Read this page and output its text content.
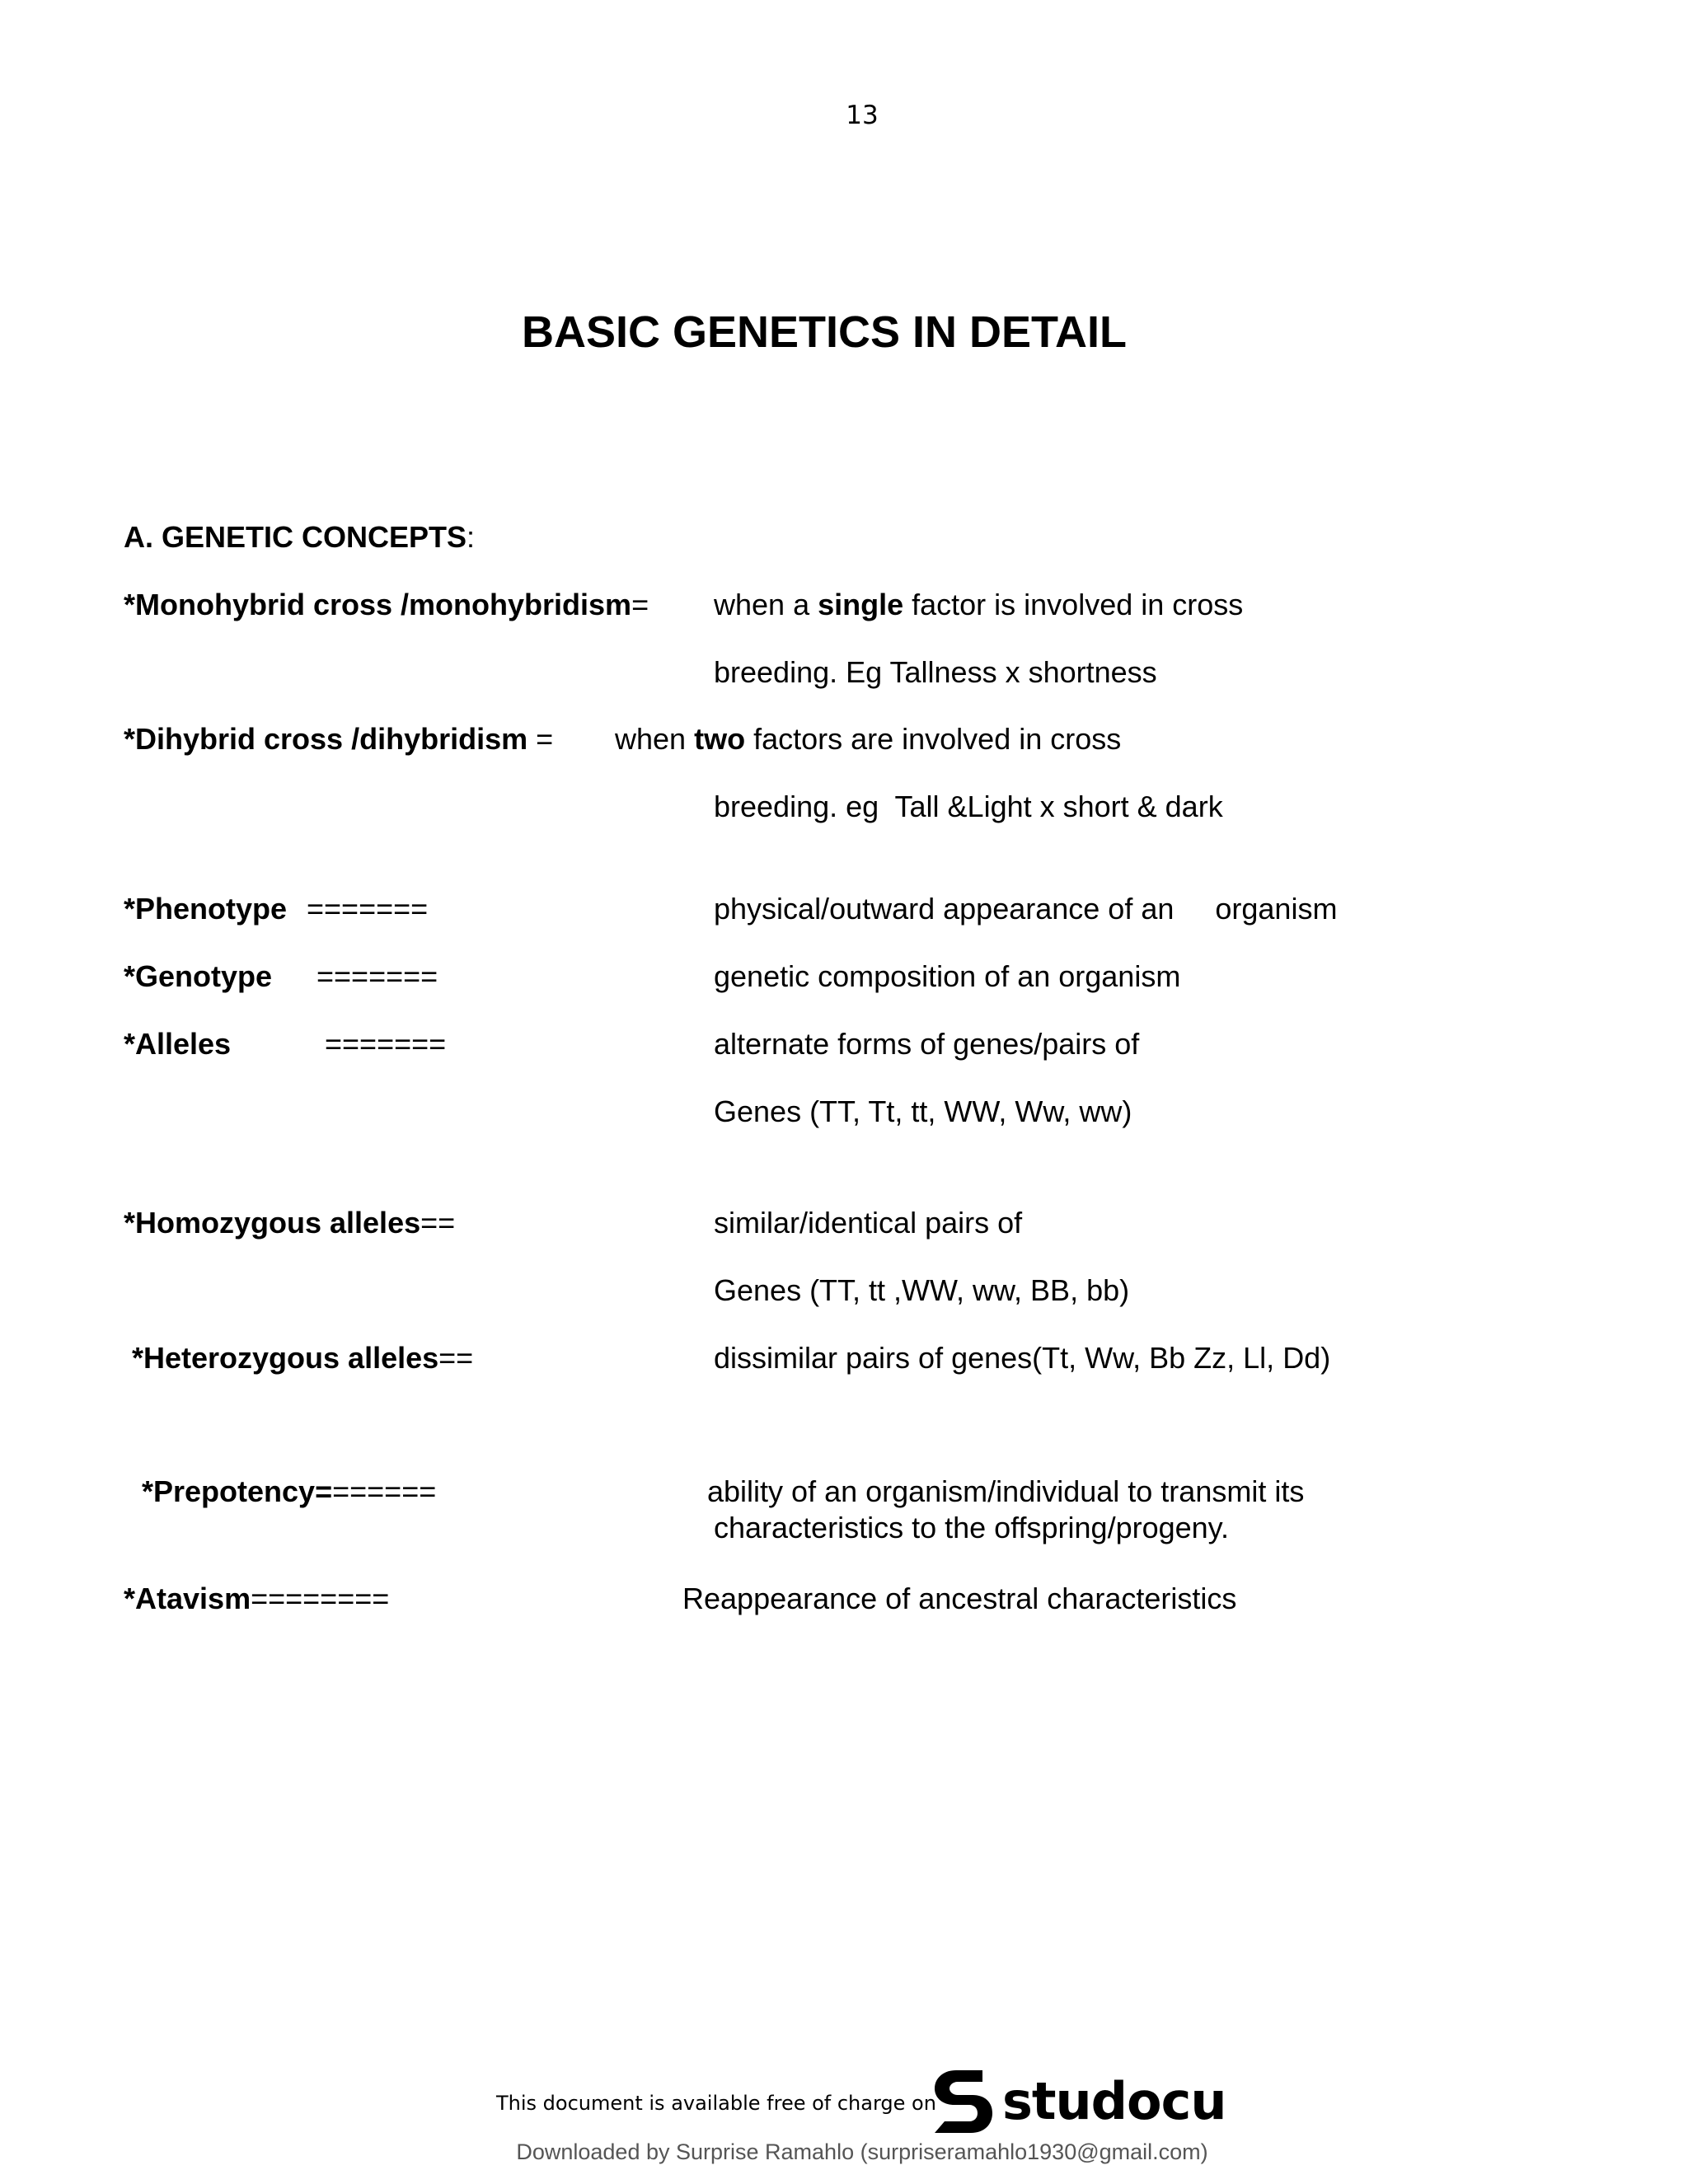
13
BASIC GENETICS IN DETAIL
A. GENETIC CONCEPTS:
*Monohybrid cross /monohybridism= when a single factor is involved in cross
breeding. Eg Tallness x shortness
*Dihybrid cross /dihybridism = when two factors are involved in cross
breeding. eg  Tall &Light x short & dark
*Phenotype =======	physical/outward appearance of an     organism
*Genotype =======	genetic composition of an organism
*Alleles	=======	alternate forms of genes/pairs of
Genes (TT, Tt, tt, WW, Ww, ww)
*Homozygous alleles==	similar/identical pairs of
Genes (TT, tt ,WW, ww, BB, bb)
*Heterozygous alleles==	dissimilar pairs of genes(Tt, Ww, Bb Zz, Ll, Dd)
*Prepotency=======	ability of an organism/individual to transmit its
characteristics to the offspring/progeny.
*Atavism========	Reappearance of ancestral characteristics
This document is available free of charge on studocu
Downloaded by Surprise Ramahlo (surpriseramahlo1930@gmail.com)
